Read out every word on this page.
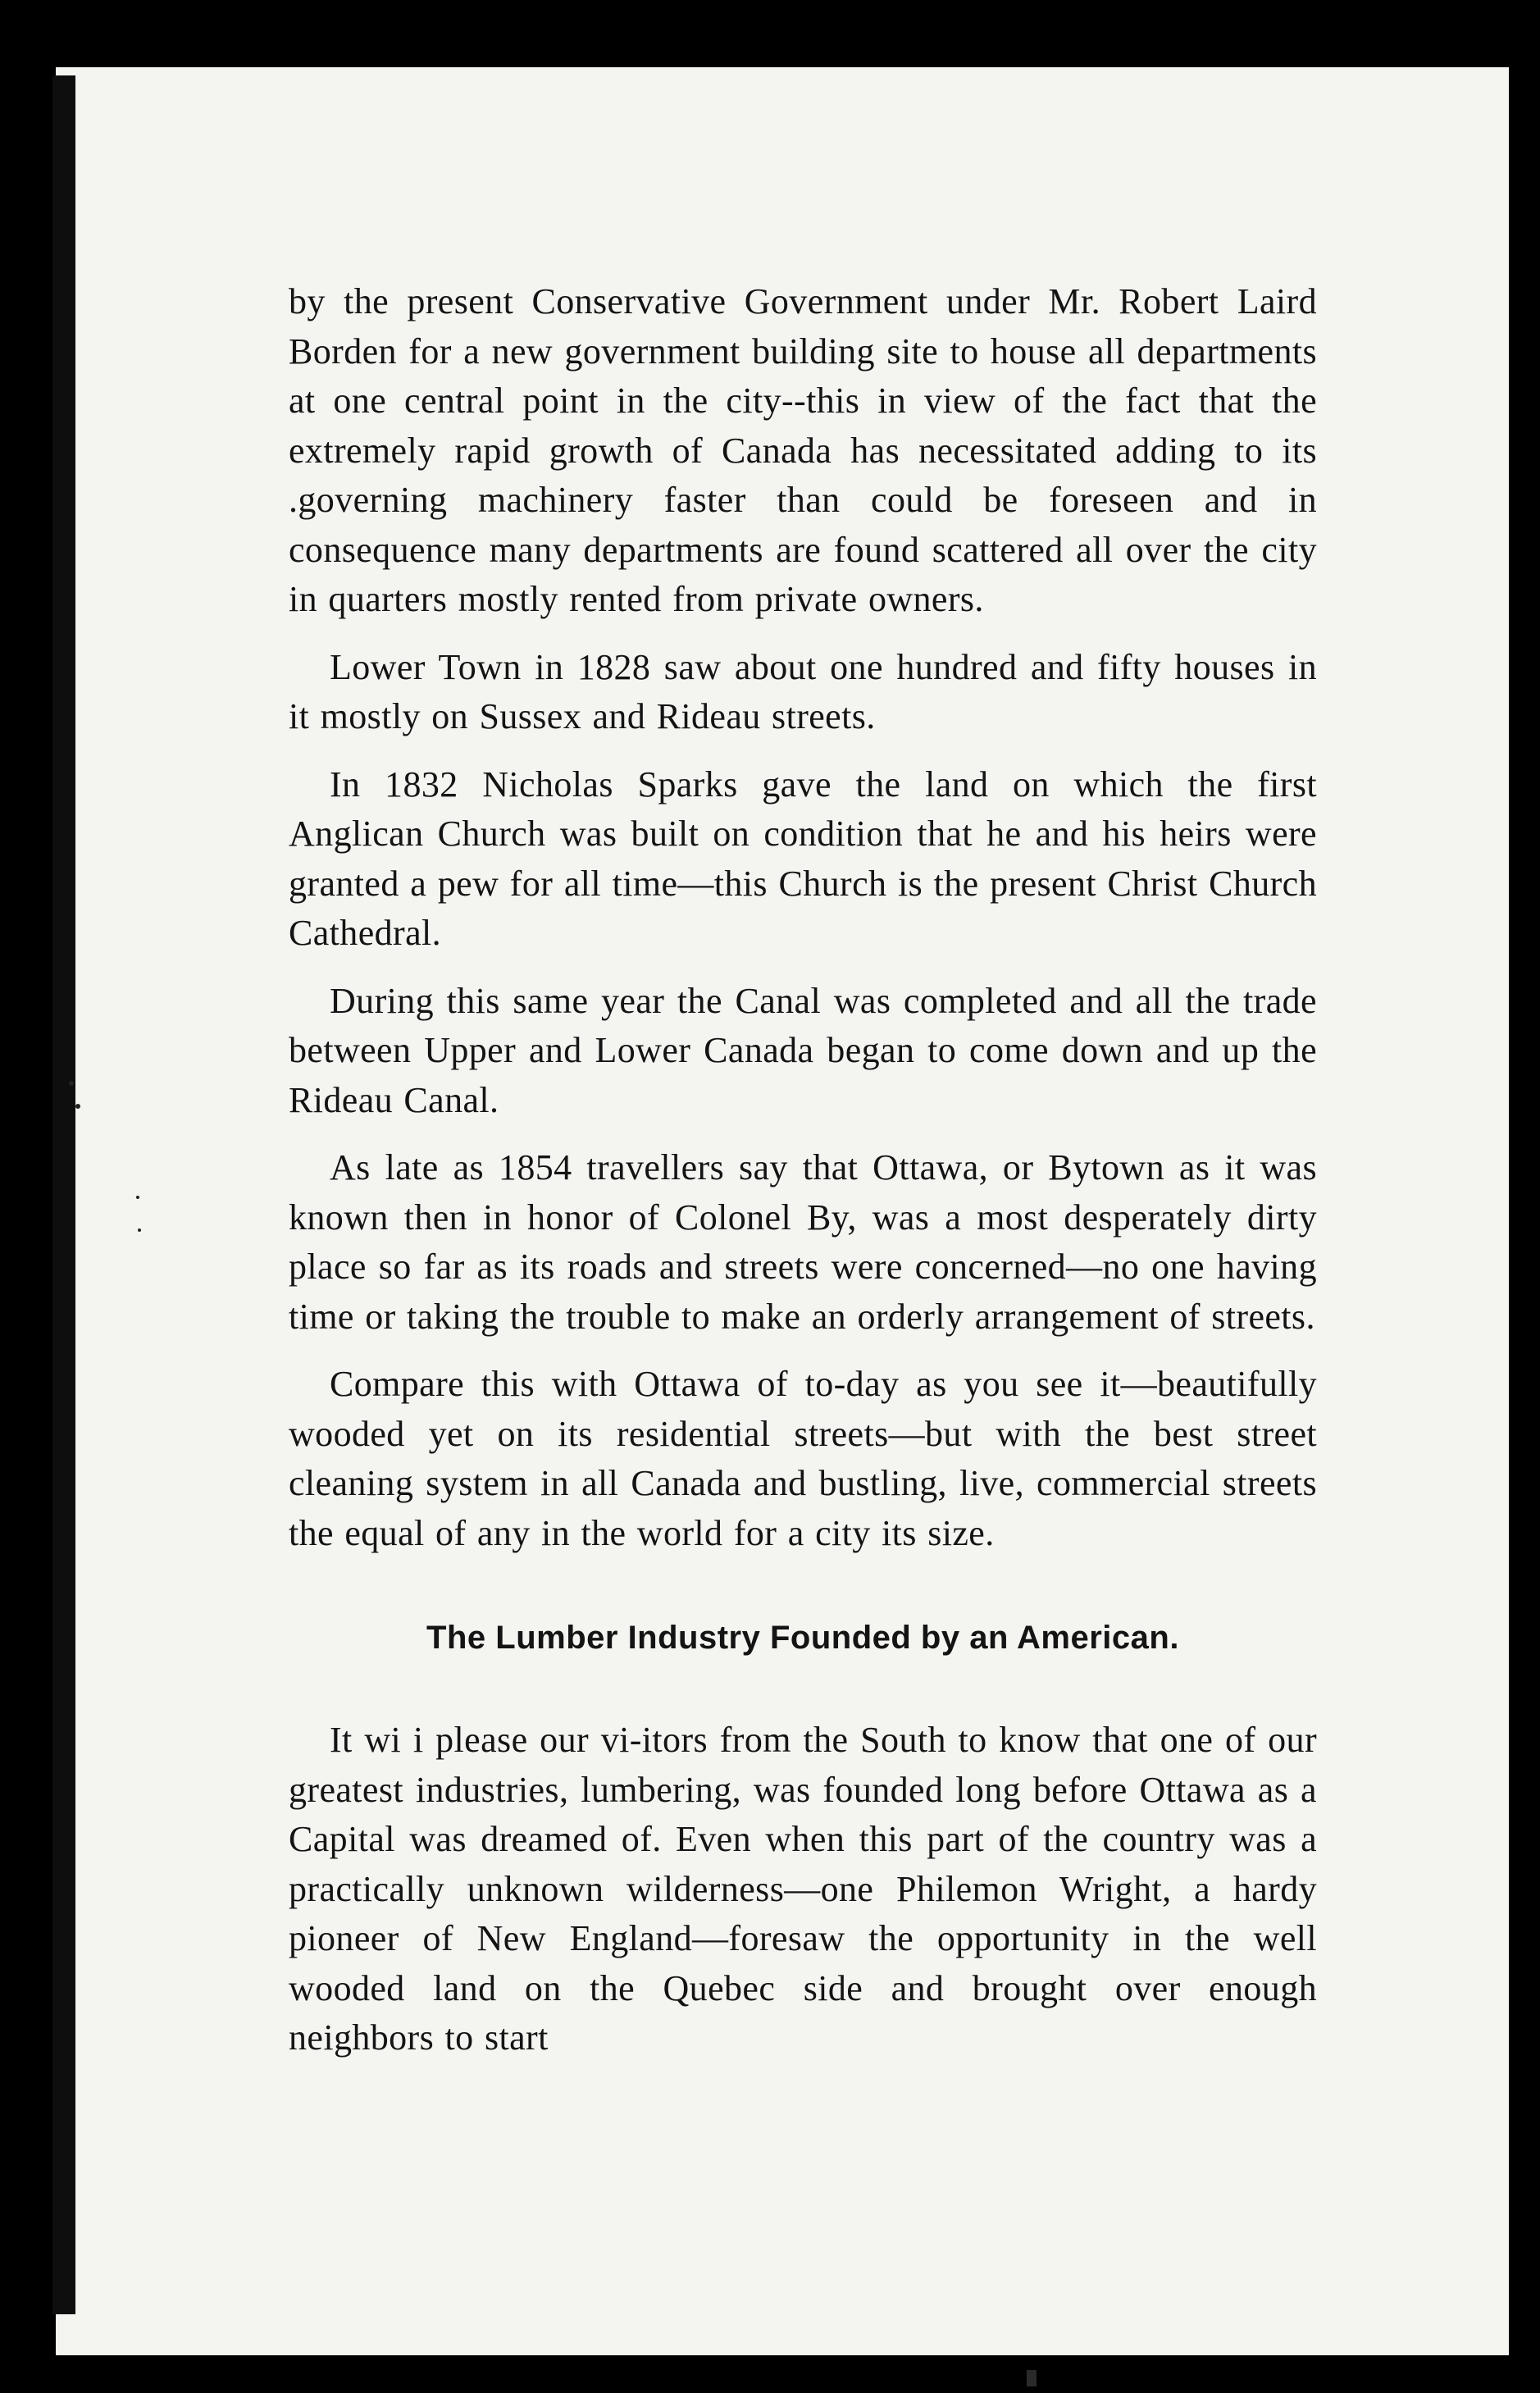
by the present Conservative Government under Mr. Robert Laird Borden for a new government building site to house all departments at one central point in the city--this in view of the fact that the extremely rapid growth of Canada has necessitated adding to its .governing machinery faster than could be foreseen and in consequence many departments are found scattered all over the city in quarters mostly rented from private owners.

Lower Town in 1828 saw about one hundred and fifty houses in it mostly on Sussex and Rideau streets.

In 1832 Nicholas Sparks gave the land on which the first Anglican Church was built on condition that he and his heirs were granted a pew for all time—this Church is the present Christ Church Cathedral.

During this same year the Canal was completed and all the trade between Upper and Lower Canada began to come down and up the Rideau Canal.

As late as 1854 travellers say that Ottawa, or Bytown as it was known then in honor of Colonel By, was a most desperately dirty place so far as its roads and streets were concerned—no one having time or taking the trouble to make an orderly arrangement of streets.

Compare this with Ottawa of to-day as you see it—beautifully wooded yet on its residential streets—but with the best street cleaning system in all Canada and bustling, live, commercial streets the equal of any in the world for a city its size.

The Lumber Industry Founded by an American.

It wi i please our vi-itors from the South to know that one of our greatest industries, lumbering, was founded long before Ottawa as a Capital was dreamed of. Even when this part of the country was a practically unknown wilderness—one Philemon Wright, a hardy pioneer of New England—foresaw the opportunity in the well wooded land on the Quebec side and brought over enough neighbors to start
